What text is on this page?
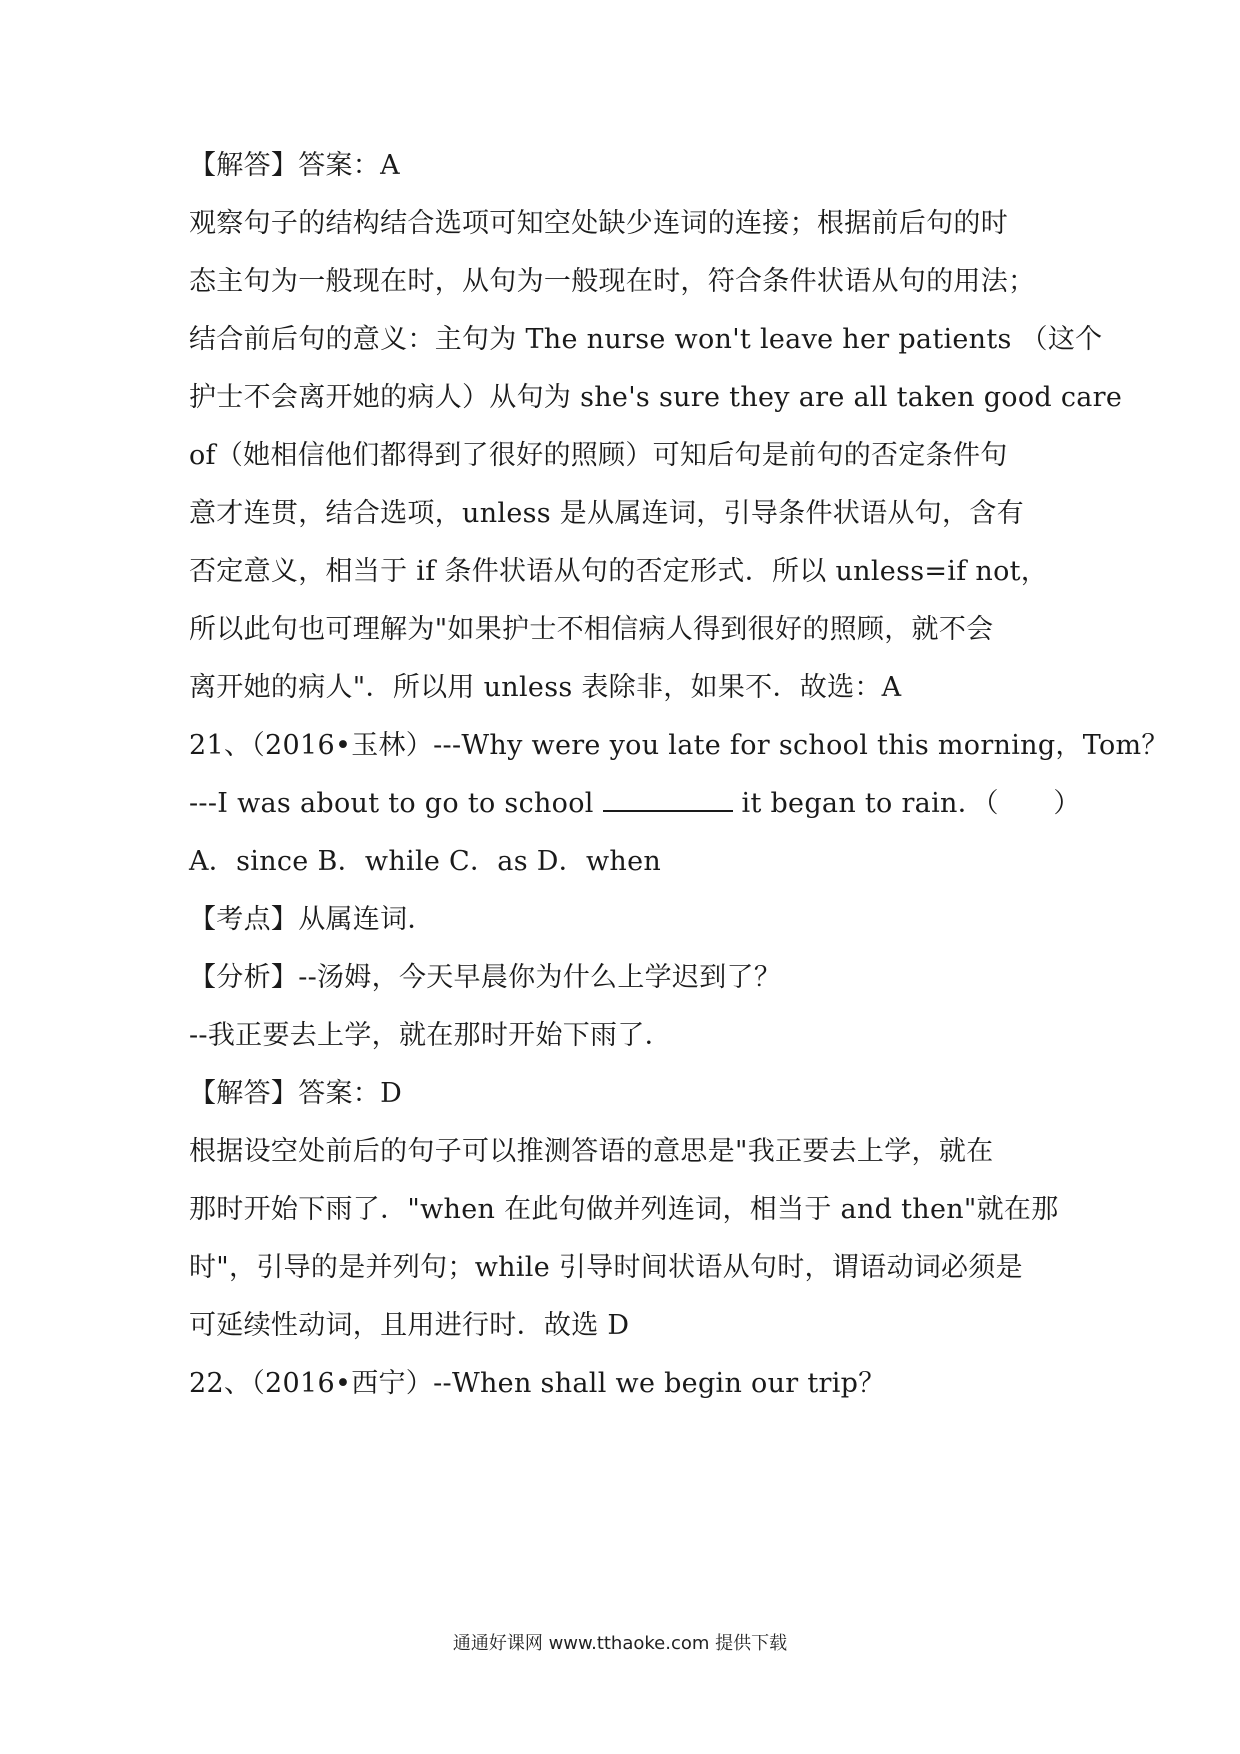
【解答】答案：A
观察句子的结构结合选项可知空处缺少连词的连接；根据前后句的时
态主句为一般现在时，从句为一般现在时，符合条件状语从句的用法；
结合前后句的意义：主句为 The nurse won't leave her patients （这个
护士不会离开她的病人）从句为 she's sure they are all taken good care
of（她相信他们都得到了很好的照顾）可知后句是前句的否定条件句
意才连贯，结合选项，unless 是从属连词，引导条件状语从句，含有
否定意义，相当于 if 条件状语从句的否定形式．所以 unless=if not，
所以此句也可理解为"如果护士不相信病人得到很好的照顾，就不会
离开她的病人"．所以用 unless 表除非，如果不．故选：A
21、（2016•玉林）---Why were you late for school this morning，Tom？
---I was about to go to school	it began to rain．（　　）
A．since B．while C．as D．when
【考点】从属连词．
【分析】--汤姆，今天早晨你为什么上学迟到了？
--我正要去上学，就在那时开始下雨了．
【解答】答案：D
根据设空处前后的句子可以推测答语的意思是"我正要去上学，就在
那时开始下雨了．"when 在此句做并列连词，相当于 and then"就在那
时"，引导的是并列句；while 引导时间状语从句时，谓语动词必须是
可延续性动词，且用进行时．故选 D
22、（2016•西宁）--When shall we begin our trip？
通通好课网 www.tthaoke.com 提供下载
